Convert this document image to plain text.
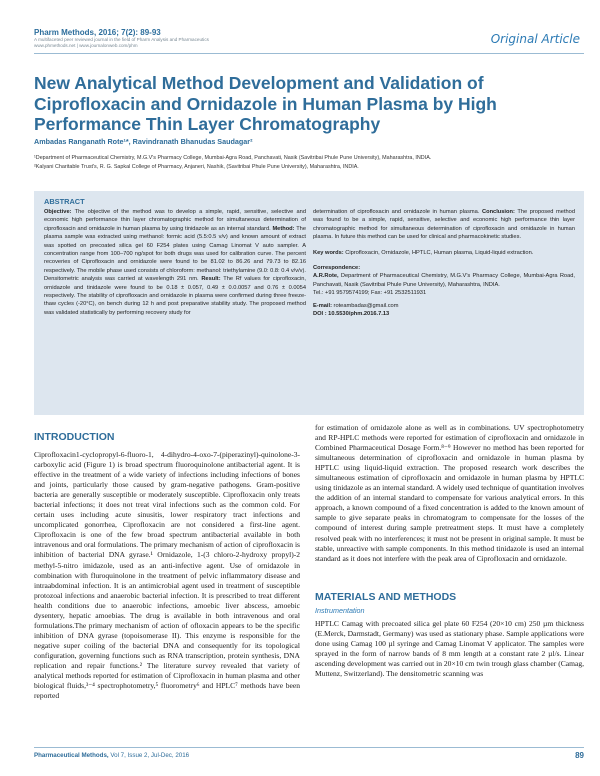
Pharm Methods, 2016; 7(2): 89-93
A multifaceted peer reviewed journal in the field of Pharm Analysis and Pharmaceutics
www.phmethods.net | www.journalonweb.com/phm	Original Article
New Analytical Method Development and Validation of Ciprofloxacin and Ornidazole in Human Plasma by High Performance Thin Layer Chromatography
Ambadas Ranganath Rote¹*, Ravindranath Bhanudas Saudagar²
¹Department of Pharmaceutical Chemistry, M.G.V's Pharmacy College, Mumbai-Agra Road, Panchavati, Nasik (Savitribai Phule Pune University), Maharashtra, INDIA.
²Kalyani Charitable Trust's, R. G. Sapkal College of Pharmacy, Anjaneri, Nashik, (Savitribai Phule Pune University), Maharashtra, INDIA.
ABSTRACT
Objective: The objective of the method was to develop a simple, rapid, sensitive, selective and economic high performance thin layer chromatographic method for simultaneous determination of ciprofloxacin and ornidazole in human plasma by using tinidazole as an internal standard. Method: The plasma sample was extracted using methanol: formic acid (5.5:0.5 v/v) and known amount of extract was spotted on precoated silica gel 60 F254 plates using Camag Linomat V auto sampler. A concentration range from 100–700 ng/spot for both drugs was used for calibration curve. The percent recoveries of Ciprofloxacin and ornidazole were found to be 81.02 to 86.26 and 79.73 to 82.16 respectively. The mobile phase used consists of chloroform: methanol: triethylamine (9.0: 0.8: 0.4 v/v/v). Densitometric analysis was carried at wavelength 291 nm. Result: The Rf values for ciprofloxacin, ornidazole and tinidazole were found to be 0.18 ± 0.057, 0.49 ± 0.0.0057 and 0.76 ± 0.0054 respectively. The stability of ciprofloxacin and ornidazole in plasma were confirmed during three freeze-thaw cycles (-20°C), on bench during 12 h and post preparative stability study. The proposed method was validated statistically by performing recovery study for
determination of ciprofloxacin and ornidazole in human plasma. Conclusion: The proposed method was found to be a simple, rapid, sensitive, selective and economic high performance thin layer chromatographic method for simultaneous determination of ciprofloxacin and ornidazole in human plasma. In future this method can be used for clinical and pharmacokinetic studies.
Key words: Ciprofloxacin, Ornidazole, HPTLC, Human plasma, Liquid-liquid extraction.
Correspondence:
A.R.Rote, Department of Pharmaceutical Chemistry, M.G.V's Pharmacy College, Mumbai-Agra Road, Panchavati, Nasik (Savitribai Phule Pune University), Maharashtra, INDIA.
Tel.: +91 9579574199; Fax: +91 2532511931
E-mail: roteambadas@gmail.com
DOI : 10.5530/phm.2016.7.13
INTRODUCTION
Ciprofloxacin1-cyclopropyl-6-fluoro-1, 4-dihydro-4-oxo-7-(piperazinyl)-quinolone-3-carboxylic acid (Figure 1) is broad spectrum fluoroquinolone antibacterial agent. It is effective in the treatment of a wide variety of infections including infections of bones and joints, particularly those caused by gram-negative pathogens. Gram-positive bacteria are generally susceptible or moderately susceptible. Ciprofloxacin only treats bacterial infections; it does not treat viral infections such as the common cold. For certain uses including acute sinusitis, lower respiratory tract infections and uncomplicated gonorrhea, Ciprofloxacin are not considered a first-line agent. Ciprofloxacin is one of the few broad spectrum antibacterial available in both intravenous and oral formulations. The primary mechanism of action of ciprofloxacin is inhibition of bacterial DNA gyrase.¹ Ornidazole, 1-(3 chloro-2-hydroxy propyl)-2 methyl-5-nitro imidazole, used as an anti-infective agent. Use of ornidazole in combination with fluroquinolone in the treatment of pelvic inflammatory disease and intraabdominal infection. It is an antimicrobial agent used in treatment of susceptible protozoal infections and anaerobic bacterial infection. It is prescribed to treat different health conditions due to anaerobic infections, amoebic liver abscess, amoebic dysentery, hepatic amoebias. The drug is available in both intravenous and oral formulations.The primary mechanism of action of ofloxacin appears to be the specific inhibition of DNA gyrase (topoisomerase II). This enzyme is responsible for the negative super coiling of the bacterial DNA and consequently for its topological configuration, governing functions such as RNA transcription, protein synthesis, DNA replication and repair functions.² The literature survey revealed that variety of analytical methods reported for estimation of Ciprofloxacin in human plasma and other biological fluids,³⁻⁴ spectrophotometry,⁵ fluorometry⁶ and HPLC⁷ methods have been reported
for estimation of ornidazole alone as well as in combinations. UV spectrophotometry and RP-HPLC methods were reported for estimation of ciprofloxacin and ornidazole in Combined Pharmaceutical Dosage Form.⁸⁻⁹ However no method has been reported for simultaneous determination of ciprofloxacin and ornidazole in human plasma by HPTLC using liquid-liquid extraction. The proposed research work describes the simultaneous estimation of ciprofloxacin and ornidazole in human plasma by HPTLC using tinidazole as an internal standard. A widely used technique of quantitation involves the addition of an internal standard to compensate for various analytical errors. In this approach, a known compound of a fixed concentration is added to the known amount of sample to give separate peaks in chromatogram to compensate for the losses of the compound of interest during sample pretreatment steps. It must have a completely resolved peak with no interferences; it must not be present in original sample. It must be stable, unreactive with sample components. In this method tinidazole is used an internal standard as it does not interfere with the peak area of Ciprofloxacin and ornidazole.
MATERIALS AND METHODS
Instrumentation
HPTLC Camag with precoated silica gel plate 60 F254 (20×10 cm) 250 µm thickness (E.Merck, Darmstadt, Germany) was used as stationary phase. Sample applications were done using Camag 100 µl syringe and Camag Linomat V applicator. The samples were sprayed in the form of narrow bands of 8 mm length at a constant rate 2 µl/s. Linear ascending development was carried out in 20×10 cm twin trough glass chamber (Camag, Muttenz, Switzerland). The densitometric scanning was
Pharmaceutical Methods, Vol 7, Issue 2, Jul-Dec, 2016	89
